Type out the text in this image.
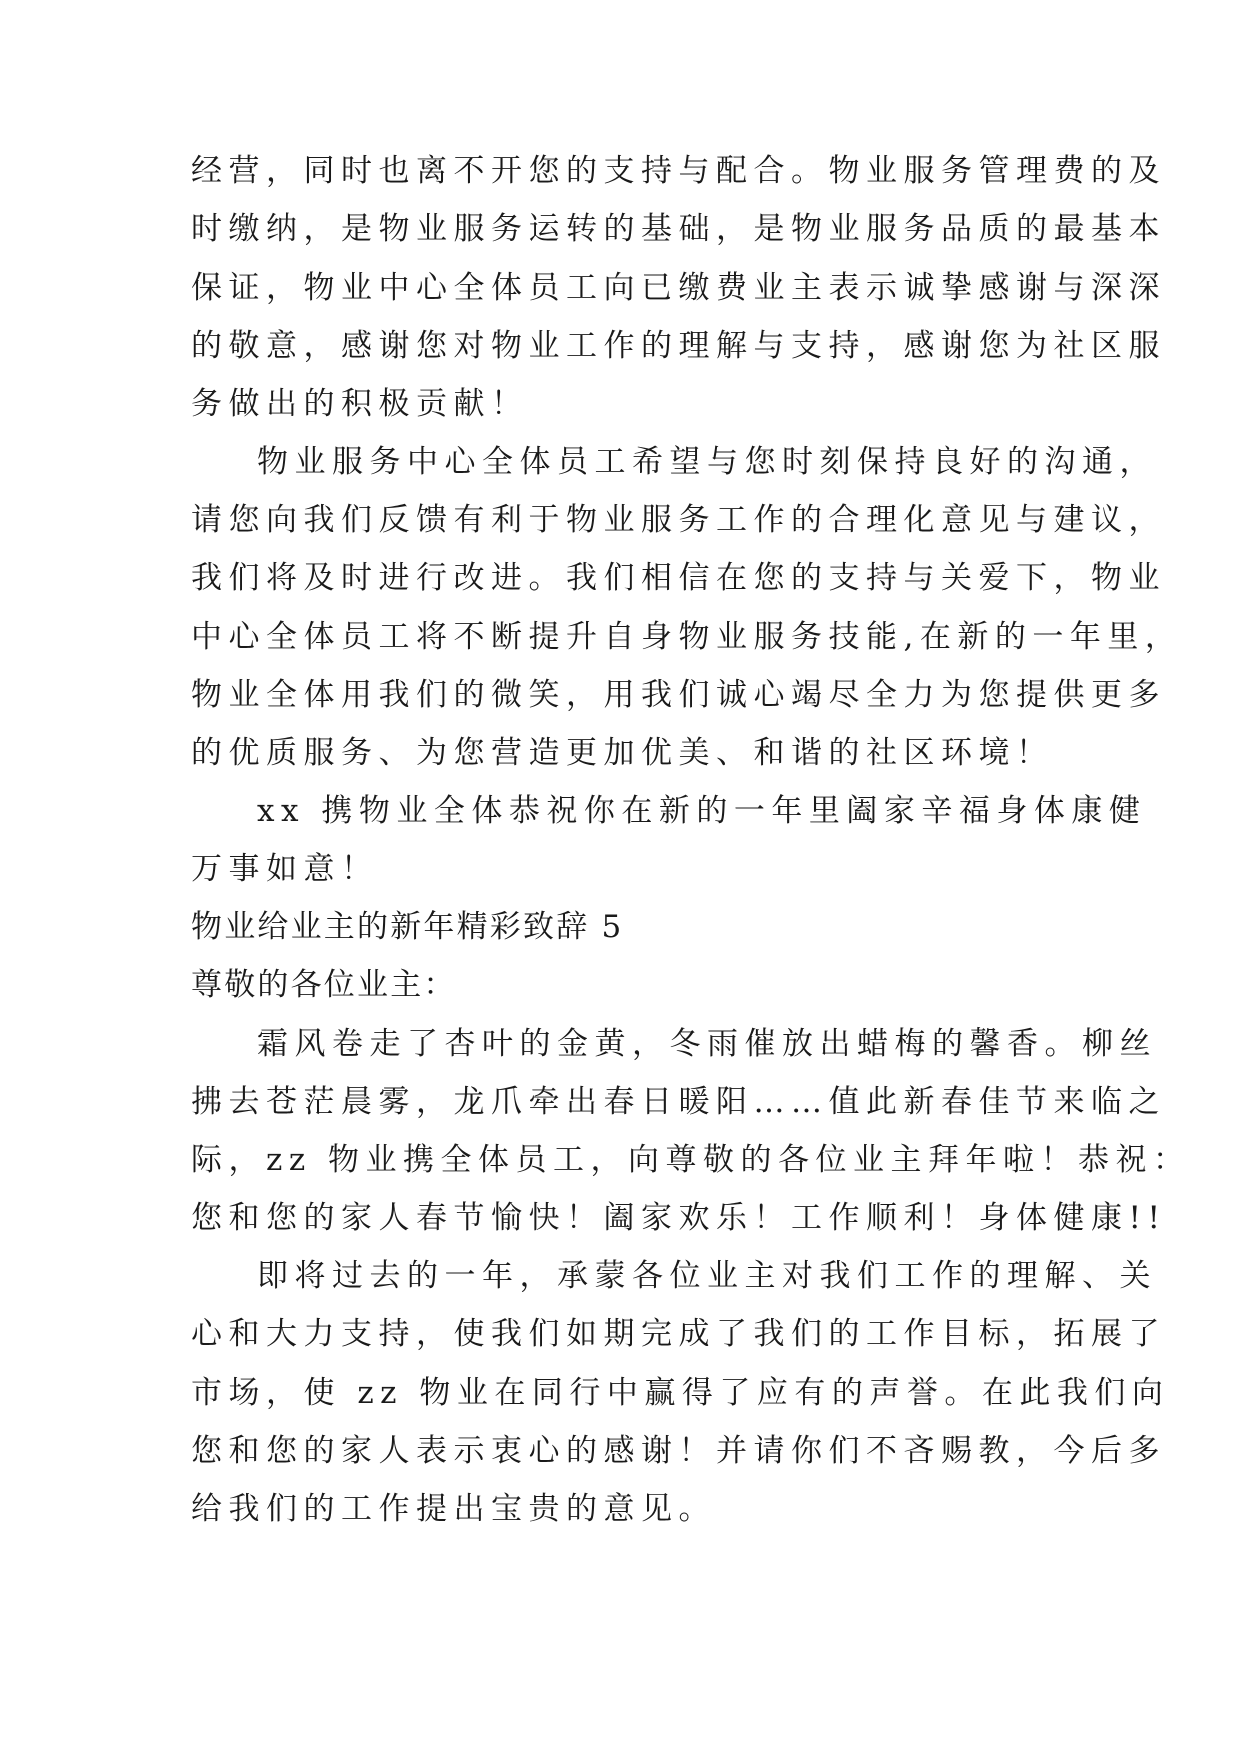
经营，同时也离不开您的支持与配合。物业服务管理费的及

时缴纳，是物业服务运转的基础，是物业服务品质的最基本

保证，物业中心全体员工向已缴费业主表示诚挚感谢与深深

的敬意，感谢您对物业工作的理解与支持，感谢您为社区服

务做出的积极贡献！

物业服务中心全体员工希望与您时刻保持良好的沟通，

请您向我们反馈有利于物业服务工作的合理化意见与建议，

我们将及时进行改进。我们相信在您的支持与关爱下，物业

中心全体员工将不断提升自身物业服务技能,在新的一年里，

物业全体用我们的微笑，用我们诚心竭尽全力为您提供更多

的优质服务、为您营造更加优美、和谐的社区环境！

xx 携物业全体恭祝你在新的一年里阖家辛福身体康健

万事如意！

物业给业主的新年精彩致辞 5

尊敬的各位业主：

霜风卷走了杏叶的金黄，冬雨催放出蜡梅的馨香。柳丝

拂去苍茫晨雾，龙爪牵出春日暖阳……值此新春佳节来临之

际，zz 物业携全体员工，向尊敬的各位业主拜年啦！恭祝：

您和您的家人春节愉快！阖家欢乐！工作顺利！身体健康!!

即将过去的一年，承蒙各位业主对我们工作的理解、关

心和大力支持，使我们如期完成了我们的工作目标，拓展了

市场，使 zz 物业在同行中赢得了应有的声誉。在此我们向

您和您的家人表示衷心的感谢！并请你们不吝赐教，今后多

给我们的工作提出宝贵的意见。
